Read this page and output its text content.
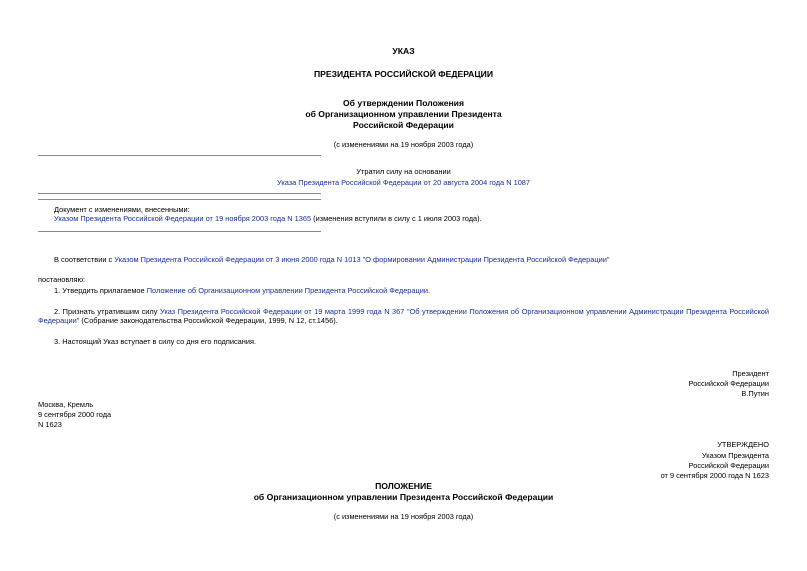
УКАЗ
ПРЕЗИДЕНТА РОССИЙСКОЙ ФЕДЕРАЦИИ
Об утверждении Положения
об Организационном управлении Президента
Российской Федерации
(с изменениями на 19 ноября 2003 года)
Утратил силу на основании
Указа Президента Российской Федерации от 20 августа 2004 года N 1087
Документ с изменениями, внесенными:
Указом Президента Российской Федерации от 19 ноября 2003 года N 1365 (изменения вступили в силу с 1 июля 2003 года).
В соответствии с Указом Президента Российской Федерации от 3 июня 2000 года N 1013 "О формировании Администрации Президента Российской Федерации"
постановляю:
1. Утвердить прилагаемое Положение об Организационном управлении Президента Российской Федерации.
2. Признать утратившим силу Указ Президента Российской Федерации от 19 марта 1999 года N 367 "Об утверждении Положения об Организационном управлении Администрации Президента Российской Федерации" (Собрание законодательства Российской Федерации, 1999, N 12, ст.1456).
3. Настоящий Указ вступает в силу со дня его подписания.
Президент
Российской Федерации
В.Путин
Москва, Кремль
9 сентября 2000 года
N 1623
УТВЕРЖДЕНО
Указом Президента
Российской Федерации
от 9 сентября 2000 года N 1623
ПОЛОЖЕНИЕ
об Организационном управлении Президента Российской Федерации
(с изменениями на 19 ноября 2003 года)
